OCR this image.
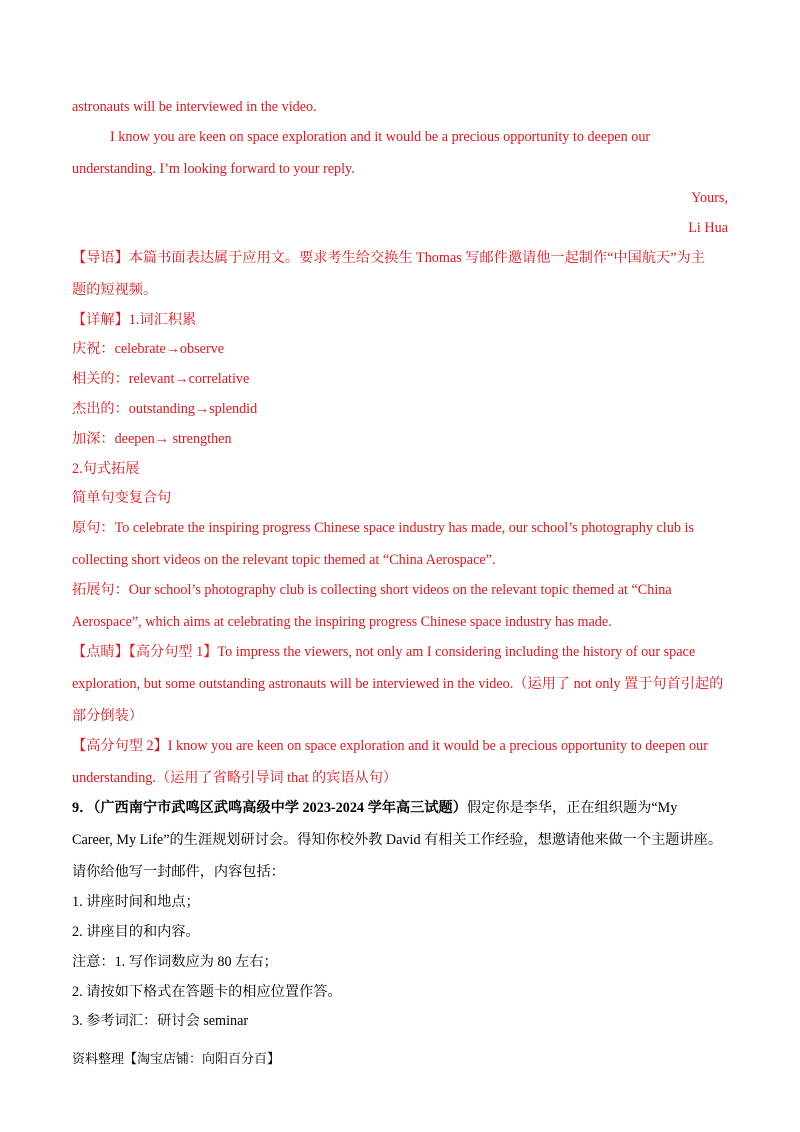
astronauts will be interviewed in the video.
I know you are keen on space exploration and it would be a precious opportunity to deepen our
understanding. I’m looking forward to your reply.
Yours,
Li Hua
【导语】本篇书面表达属于应用文。要求考生给交换生 Thomas 写邮件邀请他一起制作“中国航天”为主
题的短视频。
【详解】1.词汇积累
庆祝：celebrate→observe
相关的：relevant→correlative
杰出的：outstanding→splendid
加深：deepen→ strengthen
2.句式拓展
简单句变复合句
原句：To celebrate the inspiring progress Chinese space industry has made, our school’s photography club is
collecting short videos on the relevant topic themed at “China Aerospace”.
拓展句：Our school’s photography club is collecting short videos on the relevant topic themed at “China
Aerospace”, which aims at celebrating the inspiring progress Chinese space industry has made.
【点睛】【高分句型 1】To impress the viewers, not only am I considering including the history of our space
exploration, but some outstanding astronauts will be interviewed in the video.（运用了 not only 置于句首引起的
部分倒装）
【高分句型 2】I know you are keen on space exploration and it would be a precious opportunity to deepen our
understanding.（运用了省略引导词 that 的宾语从句）
9．（广西南宁市武鸣区武鸣高级中学 2023-2024 学年高三试题）假定你是李华，正在组织题为“My
Career, My Life”的生涯规划研讨会。得知你校外教 David 有相关工作经验，想邀请他来做一个主题讲座。
请你给他写一封邮件，内容包括：
1. 讲座时间和地点；
2. 讲座目的和内容。
注意：1. 写作词数应为 80 左右；
2. 请按如下格式在答题卡的相应位置作答。
3. 参考词汇：研讨会 seminar
资料整理【淘宝店铺：向阳百分百】
